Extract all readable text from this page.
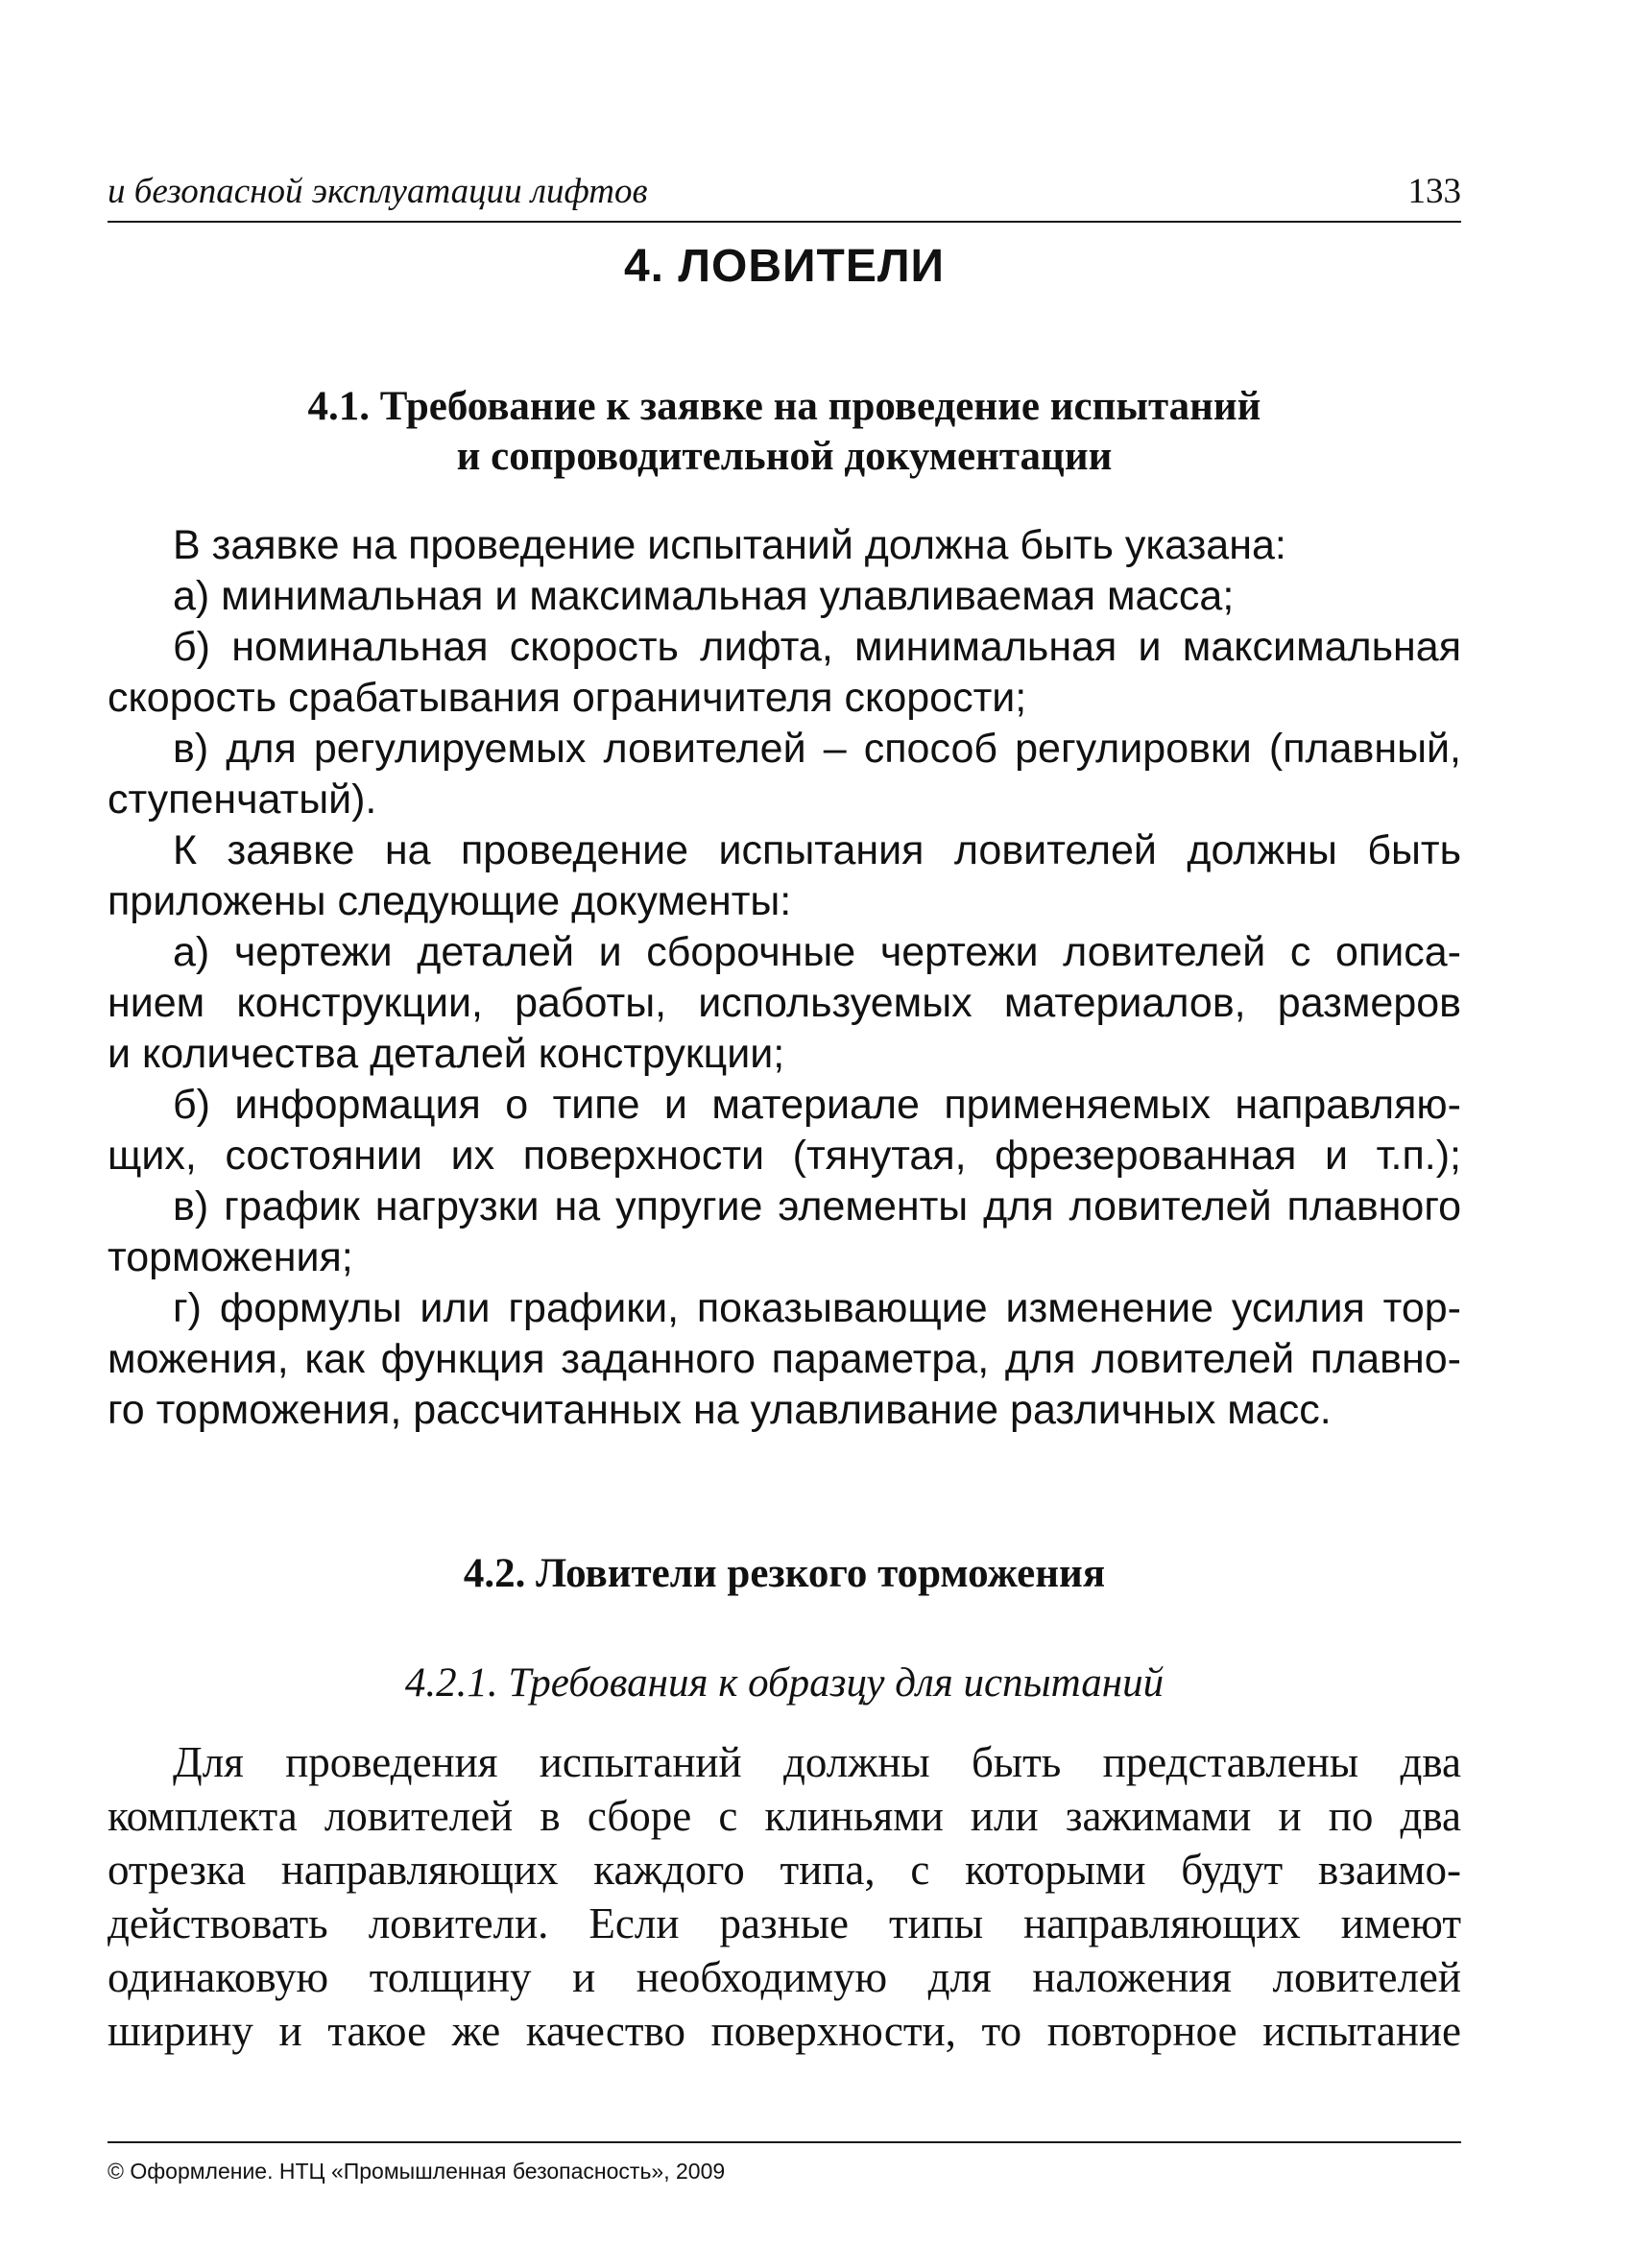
и безопасной эксплуатации лифтов	133
4. ЛОВИТЕЛИ
4.1. Требование к заявке на проведение испытаний
и сопроводительной документации
В заявке на проведение испытаний должна быть указана:
а) минимальная и максимальная улавливаемая масса;
б) номинальная скорость лифта, минимальная и максимальная
скорость срабатывания ограничителя скорости;
в) для регулируемых ловителей – способ регулировки (плавный,
ступенчатый).
К заявке на проведение испытания ловителей должны быть
приложены следующие документы:
а) чертежи деталей и сборочные чертежи ловителей с описа-
нием конструкции, работы, используемых материалов, размеров
и количества деталей конструкции;
б) информация о типе и материале применяемых направляю-
щих, состоянии их поверхности (тянутая, фрезерованная и т.п.);
в) график нагрузки на упругие элементы для ловителей плавного
торможения;
г) формулы или графики, показывающие изменение усилия тор-
можения, как функция заданного параметра, для ловителей плавно-
го торможения, рассчитанных на улавливание различных масс.
4.2. Ловители резкого торможения
4.2.1. Требования к образцу для испытаний
Для проведения испытаний должны быть представлены два
комплекта ловителей в сборе с клиньями или зажимами и по два
отрезка направляющих каждого типа, с которыми будут взаимо-
действовать ловители. Если разные типы направляющих имеют
одинаковую толщину и необходимую для наложения ловителей
ширину и такое же качество поверхности, то повторное испытание
© Оформление. НТЦ «Промышленная безопасность», 2009
